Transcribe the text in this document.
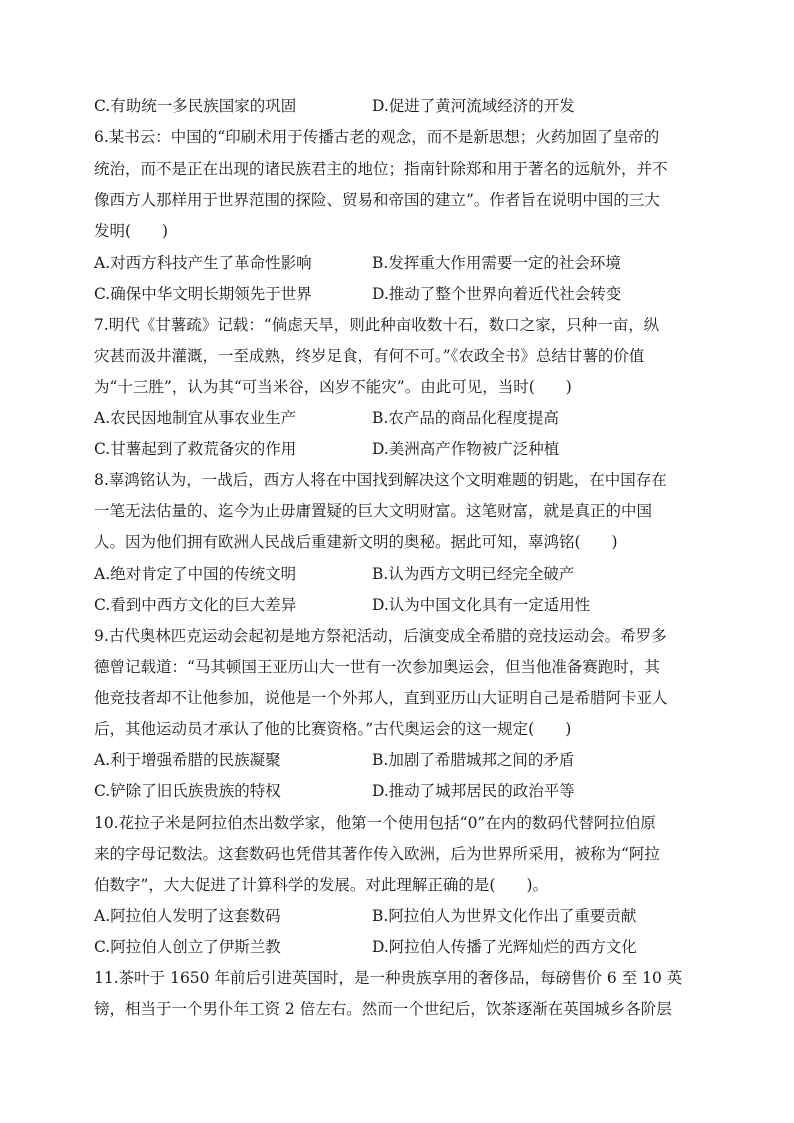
C.有助统一多民族国家的巩固	D.促进了黄河流域经济的开发
6.某书云：中国的“印刷术用于传播古老的观念，而不是新思想；火药加固了皇帝的
统治，而不是正在出现的诸民族君主的地位；指南针除郑和用于著名的远航外，并不
像西方人那样用于世界范围的探险、贸易和帝国的建立”。作者旨在说明中国的三大
发明(　　)
A.对西方科技产生了革命性影响	B.发挥重大作用需要一定的社会环境
C.确保中华文明长期领先于世界	D.推动了整个世界向着近代社会转变
7.明代《甘薯疏》记载：“倘虑天旱，则此种亩收数十石，数口之家，只种一亩，纵
灾甚而汲井灌溉，一至成熟，终岁足食，有何不可。”《农政全书》总结甘薯的价值
为“十三胜”，认为其“可当米谷，凶岁不能灾”。由此可见，当时(　　)
A.农民因地制宜从事农业生产	B.农产品的商品化程度提高
C.甘薯起到了救荒备灾的作用	D.美洲高产作物被广泛种植
8.辜鸿铭认为，一战后，西方人将在中国找到解决这个文明难题的钥匙，在中国存在
一笔无法估量的、迄今为止毋庸置疑的巨大文明财富。这笔财富，就是真正的中国
人。因为他们拥有欧洲人民战后重建新文明的奥秘。据此可知，辜鸿铭(　　)
A.绝对肯定了中国的传统文明	B.认为西方文明已经完全破产
C.看到中西方文化的巨大差异	D.认为中国文化具有一定适用性
9.古代奥林匹克运动会起初是地方祭祀活动，后演变成全希腊的竞技运动会。希罗多
德曾记载道：“马其顿国王亚历山大一世有一次参加奥运会，但当他准备赛跑时，其
他竞技者却不让他参加，说他是一个外邦人，直到亚历山大证明自己是希腊阿卡亚人
后，其他运动员才承认了他的比赛资格。”古代奥运会的这一规定(　　)
A.利于增强希腊的民族凝聚	B.加剧了希腊城邦之间的矛盾
C.铲除了旧氏族贵族的特权	D.推动了城邦居民的政治平等
10.花拉子米是阿拉伯杰出数学家，他第一个使用包括“0”在内的数码代替阿拉伯原
来的字母记数法。这套数码也凭借其著作传入欧洲，后为世界所采用，被称为“阿拉
伯数字”，大大促进了计算科学的发展。对此理解正确的是(　　)。
A.阿拉伯人发明了这套数码	B.阿拉伯人为世界文化作出了重要贡献
C.阿拉伯人创立了伊斯兰教	D.阿拉伯人传播了光辉灿烂的西方文化
11.茶叶于 1650 年前后引进英国时，是一种贵族享用的奢侈品，每磅售价 6 至 10 英
镑，相当于一个男仆年工资 2 倍左右。然而一个世纪后，饮茶逐渐在英国城乡各阶层
